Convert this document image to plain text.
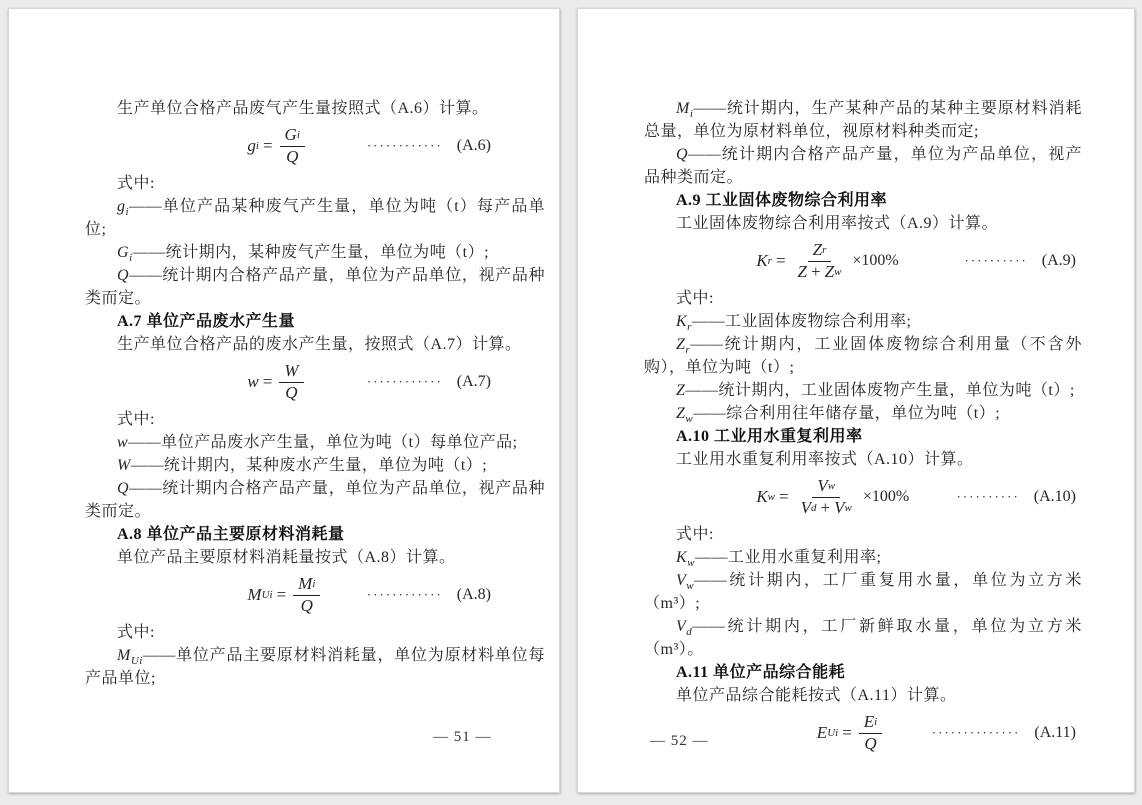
生产单位合格产品废气产生量按照式（A.6）计算。
g $i = \frac{\text{G i}}{Q}$	············ (A.6)
式中:
$g_i——$单位产品某种废气产生量，单位为吨（t）每产品单位;
$G_i——$统计期内，某种废气产生量，单位为吨（t）;
Q——统计期内合格产品产量，单位为产品单位，视产品种类而定。
A.7 单位产品废水产生量
生产单位合格产品的废水产生量，按照式（A.7）计算。
$w = \frac{W}{Q}$	············ (A.7)
式中:
w——单位产品废水产生量，单位为吨（t）每单位产品;
W——统计期内，某种废水产生量，单位为吨（t）;
Q——统计期内合格产品产量，单位为产品单位，视产品种类而定。
A.8 单位产品主要原材料消耗量
单位产品主要原材料消耗量按式（A.8）计算。
M $Ui = \frac{\text{M i}}{Q}$	············ (A.8)
式中:
$M_{Ui}——$单位产品主要原材料消耗量，单位为原材料单位每产品单位;
— 51 —
$M_i——$统计期内，生产某种产品的某种主要原材料消耗总量，单位为原材料单位，视原材料种类而定;
Q——统计期内合格产品产量，单位为产品单位，视产品种类而定。
A.9 工业固体废物综合利用率
工业固体废物综合利用率按式（A.9）计算。
K $r = \frac{\text{Z r}}{\text{Z + Z w}} \times 100\%$	·········· (A.9)
式中:
$K_r——$工业固体废物综合利用率;
$Z_r——$统计期内，工业固体废物综合利用量（不含外购），单位为吨（t）;
Z——统计期内，工业固体废物产生量，单位为吨（t）;
$Z_w——$综合利用往年储存量，单位为吨（t）;
A.10 工业用水重复利用率
工业用水重复利用率按式（A.10）计算。
K $w = \frac{\text{V w}}{\text{V d + V w}} \times 100\%$	·········· (A.10)
式中:
$K_w——$工业用水重复利用率;
$V_w——$统计期内，工厂重复用水量，单位为立方米（m³）;
$V_d——$统计期内，工厂新鲜取水量，单位为立方米（m³）。
A.11 单位产品综合能耗
单位产品综合能耗按式（A.11）计算。
E $Ui = \frac{\text{E i}}{Q}$	·············· (A.11)
— 52 —
